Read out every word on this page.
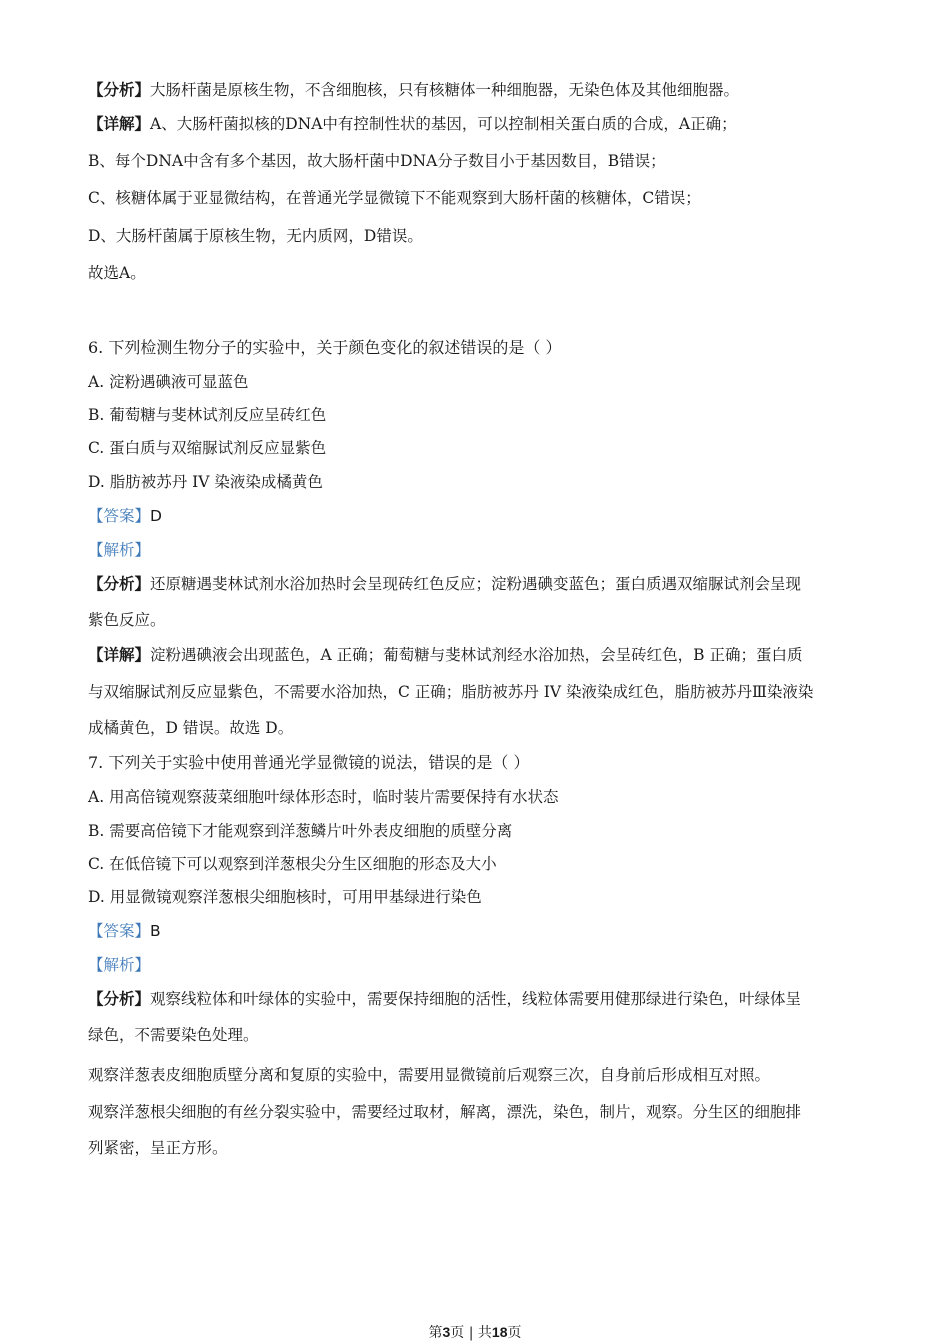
【分析】大肠杆菌是原核生物，不含细胞核，只有核糖体一种细胞器，无染色体及其他细胞器。
【详解】A、大肠杆菌拟核的DNA中有控制性状的基因，可以控制相关蛋白质的合成，A正确；
B、每个DNA中含有多个基因，故大肠杆菌中DNA分子数目小于基因数目，B错误；
C、核糖体属于亚显微结构，在普通光学显微镜下不能观察到大肠杆菌的核糖体，C错误；
D、大肠杆菌属于原核生物，无内质网，D错误。
故选A。
6. 下列检测生物分子的实验中，关于颜色变化的叙述错误的是（ ）
A. 淀粉遇碘液可显蓝色
B. 葡萄糖与斐林试剂反应呈砖红色
C. 蛋白质与双缩脲试剂反应显紫色
D. 脂肪被苏丹 IV 染液染成橘黄色
【答案】D
【解析】
【分析】还原糖遇斐林试剂水浴加热时会呈现砖红色反应；淀粉遇碘变蓝色；蛋白质遇双缩脲试剂会呈现
紫色反应。
【详解】淀粉遇碘液会出现蓝色，A 正确；葡萄糖与斐林试剂经水浴加热，会呈砖红色，B 正确；蛋白质
与双缩脲试剂反应显紫色，不需要水浴加热，C 正确；脂肪被苏丹 IV 染液染成红色，脂肪被苏丹Ⅲ染液染
成橘黄色，D 错误。故选 D。
7. 下列关于实验中使用普通光学显微镜的说法，错误的是（ ）
A. 用高倍镜观察菠菜细胞叶绿体形态时，临时装片需要保持有水状态
B. 需要高倍镜下才能观察到洋葱鳞片叶外表皮细胞的质壁分离
C. 在低倍镜下可以观察到洋葱根尖分生区细胞的形态及大小
D. 用显微镜观察洋葱根尖细胞核时，可用甲基绿进行染色
【答案】B
【解析】
【分析】观察线粒体和叶绿体的实验中，需要保持细胞的活性，线粒体需要用健那绿进行染色，叶绿体呈
绿色，不需要染色处理。
观察洋葱表皮细胞质壁分离和复原的实验中，需要用显微镜前后观察三次，自身前后形成相互对照。
观察洋葱根尖细胞的有丝分裂实验中，需要经过取材，解离，漂洗，染色，制片，观察。分生区的细胞排
列紧密，呈正方形。
第3页 | 共18页
